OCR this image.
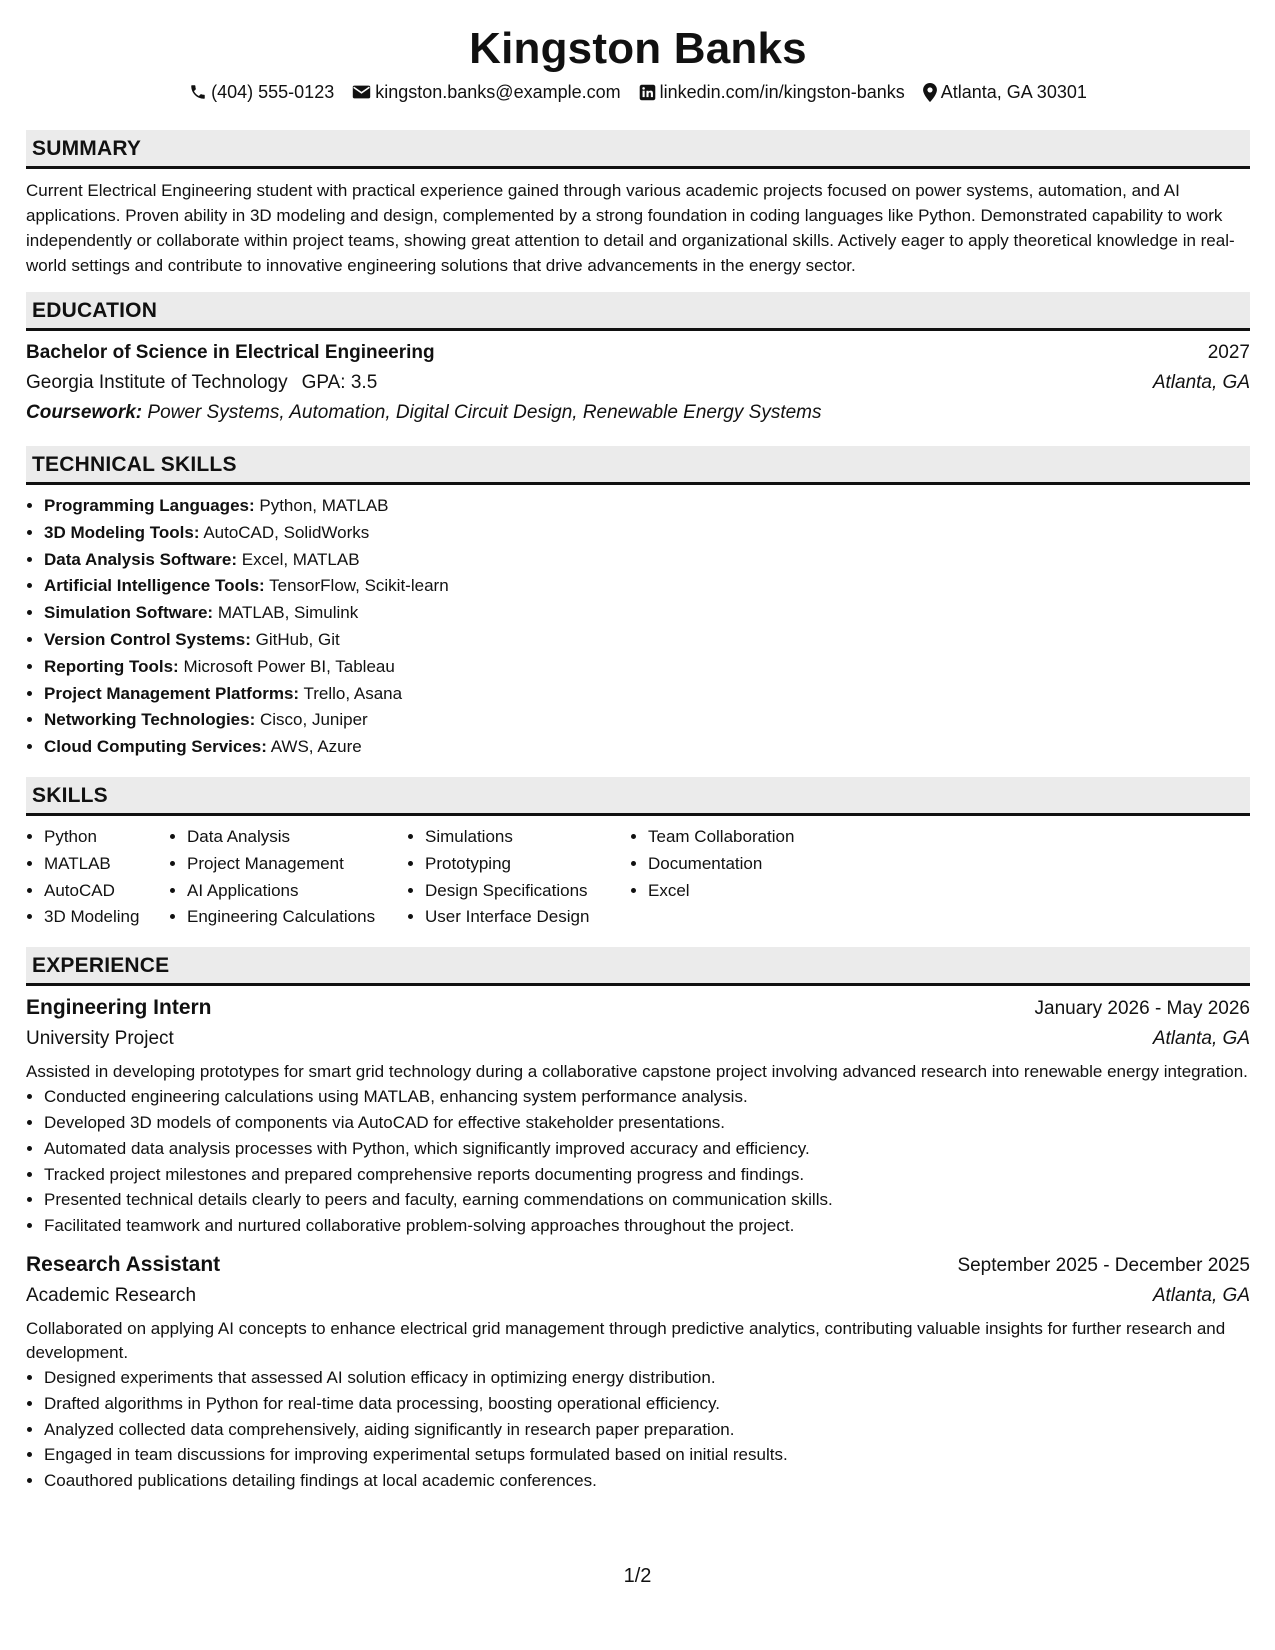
Kingston Banks
(404) 555-0123 kingston.banks@example.com linkedin.com/in/kingston-banks Atlanta, GA 30301
SUMMARY

Current Electrical Engineering student with practical experience gained through various academic projects focused on power systems, automation, and AI applications. Proven ability in 3D modeling and design, complemented by a strong foundation in coding languages like Python. Demonstrated capability to work independently or collaborate within project teams, showing great attention to detail and organizational skills. Actively eager to apply theoretical knowledge in real-world settings and contribute to innovative engineering solutions that drive advancements in the energy sector.

EDUCATION
Bachelor of Science in Electrical Engineering	2027
Georgia Institute of Technology GPA: 3.5	Atlanta, GA
Coursework: Power Systems, Automation, Digital Circuit Design, Renewable Energy Systems
TECHNICAL SKILLS
• Programming Languages: Python, MATLAB
• 3D Modeling Tools: AutoCAD, SolidWorks
• Data Analysis Software: Excel, MATLAB
• Artificial Intelligence Tools: TensorFlow, Scikit-learn
• Simulation Software: MATLAB, Simulink
• Version Control Systems: GitHub, Git
• Reporting Tools: Microsoft Power BI, Tableau
• Project Management Platforms: Trello, Asana
• Networking Technologies: Cisco, Juniper
• Cloud Computing Services: AWS, Azure
SKILLS
• Python
• MATLAB
• AutoCAD
• 3D Modeling
• Data Analysis
• Project Management
• AI Applications
• Engineering Calculations
• Simulations
• Prototyping
• Design Specifications
• User Interface Design
• Team Collaboration
• Documentation
• Excel
EXPERIENCE
Engineering Intern	January 2026 - May 2026
University Project	Atlanta, GA
Assisted in developing prototypes for smart grid technology during a collaborative capstone project involving advanced research into renewable energy integration.
• Conducted engineering calculations using MATLAB, enhancing system performance analysis.
• Developed 3D models of components via AutoCAD for effective stakeholder presentations.
• Automated data analysis processes with Python, which significantly improved accuracy and efficiency.
• Tracked project milestones and prepared comprehensive reports documenting progress and findings.
• Presented technical details clearly to peers and faculty, earning commendations on communication skills.
• Facilitated teamwork and nurtured collaborative problem-solving approaches throughout the project.
Research Assistant	September 2025 - December 2025
Academic Research	Atlanta, GA
Collaborated on applying AI concepts to enhance electrical grid management through predictive analytics, contributing valuable insights for further research and development.
• Designed experiments that assessed AI solution efficacy in optimizing energy distribution.
• Drafted algorithms in Python for real-time data processing, boosting operational efficiency.
• Analyzed collected data comprehensively, aiding significantly in research paper preparation.
• Engaged in team discussions for improving experimental setups formulated based on initial results.
• Coauthored publications detailing findings at local academic conferences.
1/2
